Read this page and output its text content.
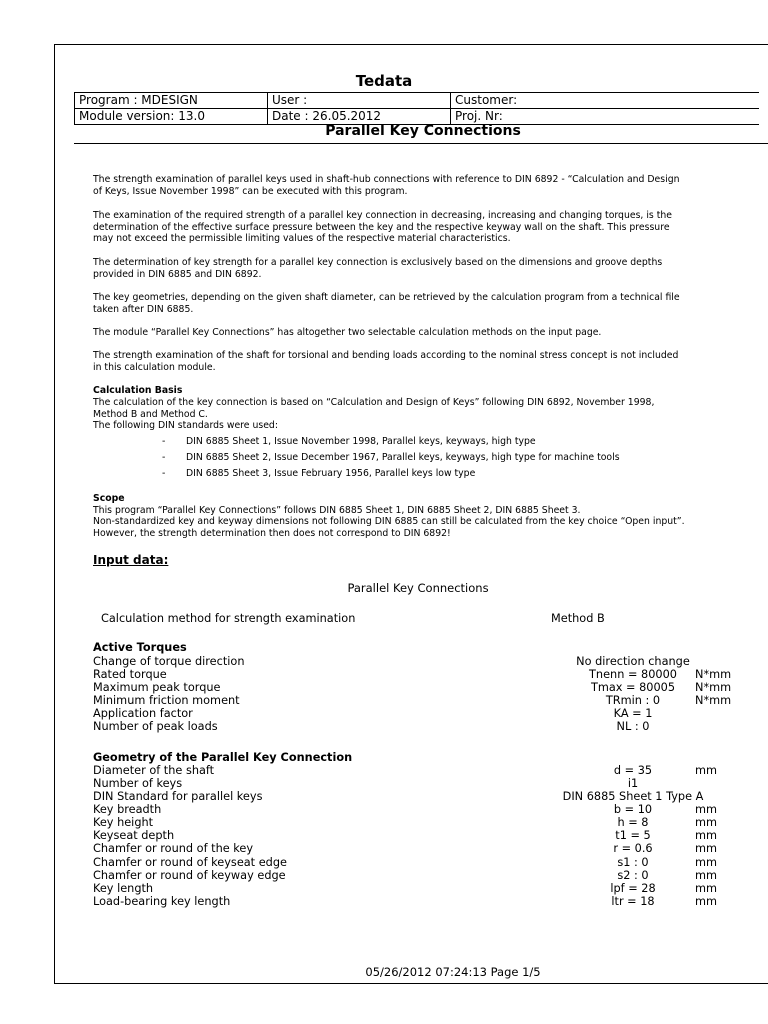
Tedata
Program : MDESIGN	User :	Customer:
Module version: 13.0	Date : 26.05.2012	Proj. Nr:
Parallel Key Connections

The strength examination of parallel keys used in shaft-hub connections with reference to DIN 6892 - “Calculation and Design of Keys, Issue November 1998” can be executed with this program.

The examination of the required strength of a parallel key connection in decreasing, increasing and changing torques, is the determination of the effective surface pressure between the key and the respective keyway wall on the shaft. This pressure may not exceed the permissible limiting values of the respective material characteristics.

The determination of key strength for a parallel key connection is exclusively based on the dimensions and groove depths provided in DIN 6885 and DIN 6892.

The key geometries, depending on the given shaft diameter, can be retrieved by the calculation program from a technical file taken after DIN 6885.

The module “Parallel Key Connections” has altogether two selectable calculation methods on the input page.

The strength examination of the shaft for torsional and bending loads according to the nominal stress concept is not included in this calculation module.

Calculation Basis

The calculation of the key connection is based on “Calculation and Design of Keys” following DIN 6892, November 1998, Method B and Method C.

The following DIN standards were used:

- DIN 6885 Sheet 1, Issue November 1998, Parallel keys, keyways, high type
- DIN 6885 Sheet 2, Issue December 1967, Parallel keys, keyways, high type for machine tools
- DIN 6885 Sheet 3, Issue February 1956, Parallel keys low type

Scope

This program “Parallel Key Connections” follows DIN 6885 Sheet 1, DIN 6885 Sheet 2, DIN 6885 Sheet 3.

Non-standardized key and keyway dimensions not following DIN 6885 can still be calculated from the key choice “Open input”.

However, the strength determination then does not correspond to DIN 6892!

Input data:
Parallel Key Connections
Calculation method for strength examination	Method B
Active Torques
Change of torque direction	No direction change
Rated torque	Tnenn = 80000	N*mm
Maximum peak torque	Tmax = 80005	N*mm
Minimum friction moment	TRmin : 0	N*mm
Application factor	KA = 1
Number of peak loads	NL : 0
Geometry of the Parallel Key Connection
Diameter of the shaft	d = 35	mm
Number of keys	i1
DIN Standard for parallel keys	DIN 6885 Sheet 1 Type A
Key breadth	b = 10	mm
Key height	h = 8	mm
Keyseat depth	t1 = 5	mm
Chamfer or round of the key	r = 0.6	mm
Chamfer or round of keyseat edge	s1 : 0	mm
Chamfer or round of keyway edge	s2 : 0	mm
Key length	lpf = 28	mm
Load-bearing key length	ltr = 18	mm
05/26/2012 07:24:13 Page 1/5
